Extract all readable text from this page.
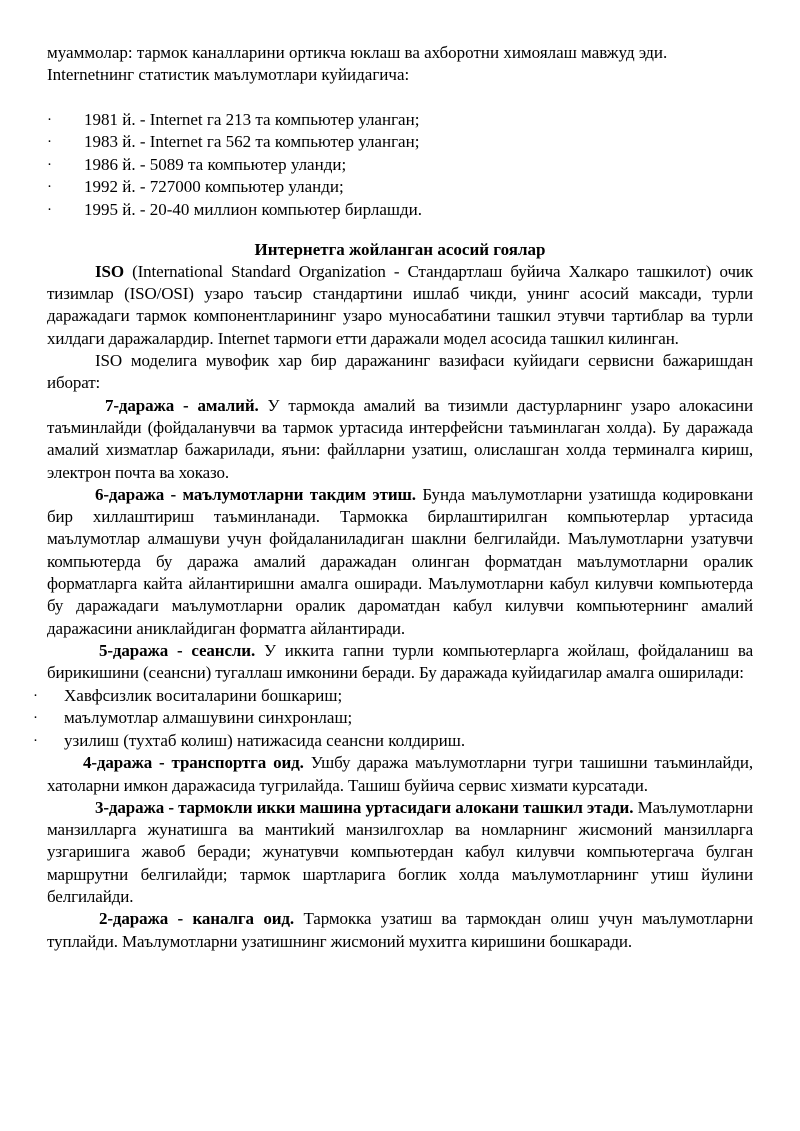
муаммолар: тармок каналларини ортикча юклаш ва ахборотни химоялаш мавжуд эди.
Internetнинг статистик маълумотлари куйидагича:

· 1981 й. - Internet га 213 та компьютер уланган;
· 1983 й. - Internet га 562 та компьютер уланган;
· 1986 й. - 5089 та компьютер уланди;
· 1992 й. - 727000 компьютер уланди;
· 1995 й. - 20-40 миллион компьютер бирлашди.

Интернетга жойланган асосий гоялар

ISO (International Standard Organization - Стандартлаш буйича Халкаро ташкилот) очик тизимлар (ISO/OSI) узаро таъсир стандартини ишлаб чикди, унинг асосий максади, турли даражадаги тармок компонентларининг узаро муносабатини ташкил этувчи тартиблар ва турли хилдаги даражалардир. Internet тармоги етти даражали модел асосида ташкил килинган.

ISO моделига мувофик хар бир даражанинг вазифаси куйидаги сервисни бажаришдан иборат:

7-даража - амалий. У тармокда амалий ва тизимли дастурларнинг узаро алокасини таъминлайди (фойдаланувчи ва тармок уртасида интерфейсни таъминлаган холда). Бу даражада амалий хизматлар бажарилади, яъни: файлларни узатиш, олислашган холда терминалга кириш, электрон почта ва хоказо.

6-даража - маълумотларни такдим этиш. Бунда маълумотларни узатишда кодировкани бир хиллаштириш таъминланади. Тармокка бирлаштирилган компьютерлар уртасида маълумотлар алмашуви учун фойдаланиладиган шаклни белгилайди. Маълумотларни узатувчи компьютерда бу даража амалий даражадан олинган форматдан маълумотларни оралик форматларга кайта айлантиришни амалга оширади. Маълумотларни кабул килувчи компьютерда бу даражадаги маълумотларни оралик дароматдан кабул килувчи компьютернинг амалий даражасини аниклайдиган форматга айлантиради.

5-даража - сеансли. У иккита гапни турли компьютерларга жойлаш, фойдаланиш ва бирикишини (сеансни) тугаллаш имконини беради. Бу даражада куйидагилар амалга оширилади:

· Хавфсизлик воситаларини бошкариш;
· маълумотлар алмашувини синхронлаш;
· узилиш (тухтаб колиш) натижасида сеансни колдириш.

4-даража - транспортга оид. Ушбу даража маълумотларни тугри ташишни таъминлайди, хатоларни имкон даражасида тугрилайда. Ташиш буйича сервис хизмати курсатади.

3-даража - тармокли икки машина уртасидаги алокани ташкил этади. Маълумотларни манзилларга жунатишга ва мантиkий манзилгохлар ва номларнинг жисмоний манзилларга узгаришига жавоб беради; жунатувчи компьютердан кабул килувчи компьютергача булган маршрутни белгилайди; тармок шартларига боглик холда маълумотларнинг утиш йулини белгилайди.

2-даража - каналга оид. Тармокка узатиш ва тармокдан олиш учун маълумотларни туплайди. Маълумотларни узатишнинг жисмоний мухитга киришини бошкаради.
